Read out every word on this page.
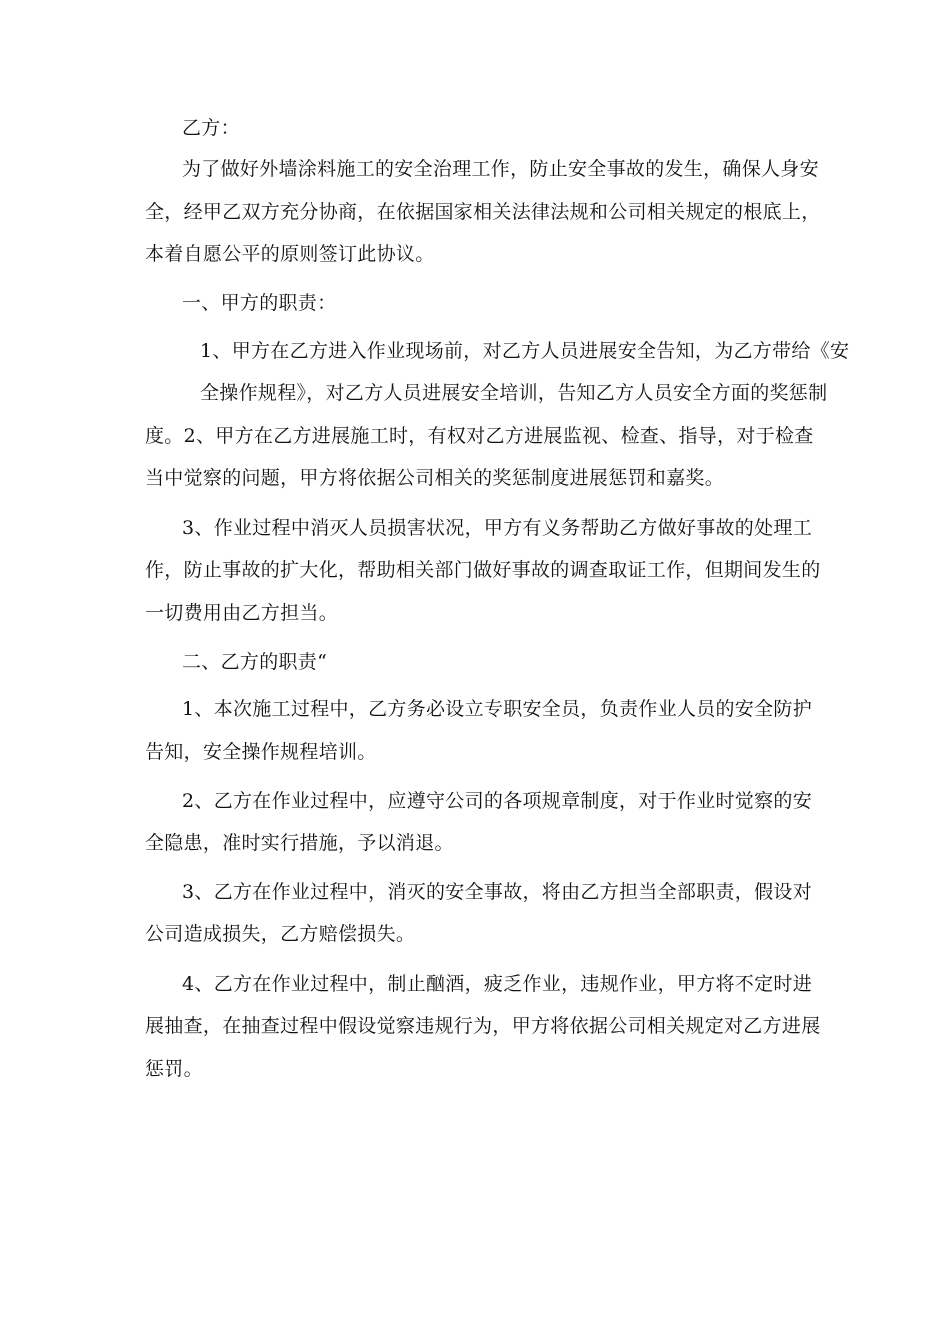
乙方：
为了做好外墙涂料施工的安全治理工作，防止安全事故的发生，确保人身安
全，经甲乙双方充分协商，在依据国家相关法律法规和公司相关规定的根底上，
本着自愿公平的原则签订此协议。
一、甲方的职责：
1、甲方在乙方进入作业现场前，对乙方人员进展安全告知，为乙方带给《安
全操作规程》，对乙方人员进展安全培训，告知乙方人员安全方面的奖惩制
度。2、甲方在乙方进展施工时，有权对乙方进展监视、检查、指导，对于检查
当中觉察的问题，甲方将依据公司相关的奖惩制度进展惩罚和嘉奖。
3、作业过程中消灭人员损害状况，甲方有义务帮助乙方做好事故的处理工
作，防止事故的扩大化，帮助相关部门做好事故的调查取证工作，但期间发生的
一切费用由乙方担当。
二、乙方的职责“
1、本次施工过程中，乙方务必设立专职安全员，负责作业人员的安全防护
告知，安全操作规程培训。
2、乙方在作业过程中，应遵守公司的各项规章制度，对于作业时觉察的安
全隐患，准时实行措施，予以消退。
3、乙方在作业过程中，消灭的安全事故，将由乙方担当全部职责，假设对
公司造成损失，乙方赔偿损失。
4、乙方在作业过程中，制止酗酒，疲乏作业，违规作业，甲方将不定时进
展抽查，在抽查过程中假设觉察违规行为，甲方将依据公司相关规定对乙方进展
惩罚。
